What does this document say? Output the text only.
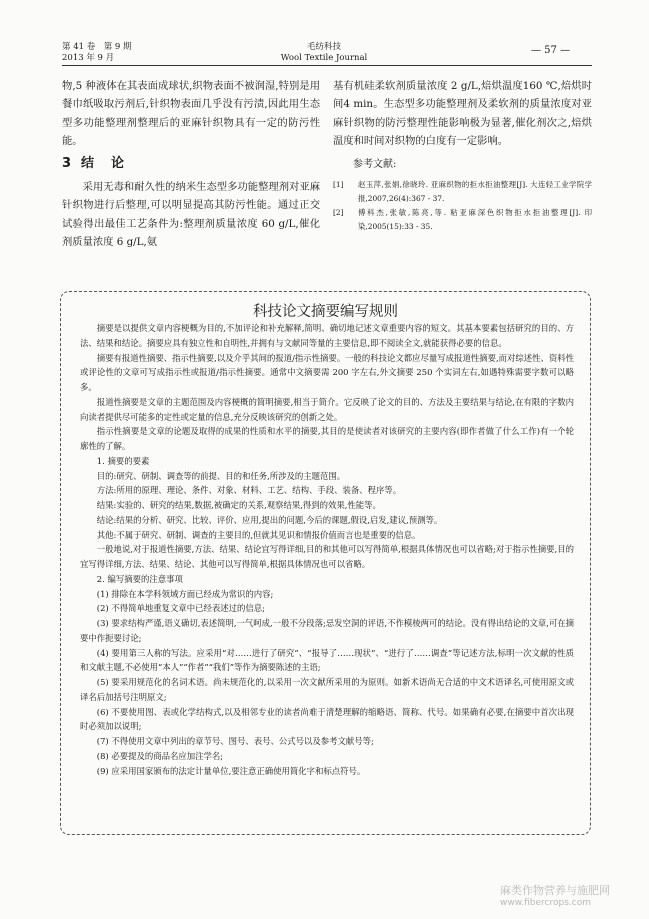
第 41 卷　第 9 期
2013 年 9 月
毛纺科技
Wool Textile Journal
— 57 —

物,5 种液体在其表面成球状,织物表面不被润湿,特别是用餐巾纸吸取污剂后,针织物表面几乎没有污渍,因此用生态型多功能整理剂整理后的亚麻针织物具有一定的防污性能。

3 结　论

采用无毒和耐久性的纳米生态型多功能整理剂对亚麻针织物进行后整理,可以明显提高其防污性能。通过正交试验得出最佳工艺条件为:整理剂质量浓度 60 g/L,催化剂质量浓度 6 g/L,氨

基有机硅柔软剂质量浓度 2 g/L,焙烘温度160 ℃,焙烘时间4 min。生态型多功能整理剂及柔软剂的质量浓度对亚麻针织物的防污整理性能影响极为显著,催化剂次之,焙烘温度和时间对织物的白度有一定影响。

参考文献:
[1]	赵玉萍,张娟,徐晓玲. 亚麻织物的拒水拒油整理[J]. 大连轻工业学院学报,2007,26(4):367 - 37.
[2]	傅科杰,张敏,陈亮,等. 粘亚麻深色织物拒水拒油整理[J]. 印染,2005(15):33 - 35.
科技论文摘要编写规则

摘要是以提供文章内容梗概为目的,不加评论和补充解释,简明、确切地记述文章重要内容的短文。其基本要素包括研究的目的、方法、结果和结论。摘要应具有独立性和自明性,并拥有与文献同等量的主要信息,即不阅读全文,就能获得必要的信息。

摘要有报道性摘要、指示性摘要,以及介乎其间的报道/指示性摘要。一般的科技论文都应尽量写成报道性摘要,而对综述性、资料性或评论性的文章可写成指示性或报道/指示性摘要。通常中文摘要需 200 字左右,外文摘要 250 个实词左右,如遇特殊需要字数可以略多。

报道性摘要是文章的主题范围及内容梗概的简明摘要,相当于简介。它反映了论文的目的、方法及主要结果与结论,在有限的字数内向读者提供尽可能多的定性或定量的信息,充分反映该研究的创新之处。

指示性摘要是文章的论题及取得的成果的性质和水平的摘要,其目的是使读者对该研究的主要内容(即作者做了什么工作)有一个轮廓性的了解。

1. 摘要的要素

目的:研究、研制、调查等的前提、目的和任务,所涉及的主题范围。

方法:所用的原理、理论、条件、对象、材料、工艺、结构、手段、装备、程序等。

结果:实验的、研究的结果,数据,被确定的关系,观察结果,得到的效果,性能等。

结论:结果的分析、研究、比较、评价、应用,提出的问题,今后的课题,假设,启发,建议,预测等。

其他:不属于研究、研制、调查的主要目的,但就其见识和情报价值而言也是重要的信息。

一般地说,对于报道性摘要,方法、结果、结论宜写得详细,目的和其他可以写得简单,根据具体情况也可以省略;对于指示性摘要,目的宜写得详细,方法、结果、结论、其他可以写得简单,根据具体情况也可以省略。

2. 编写摘要的注意事项

(1) 排除在本学科领域方面已经成为常识的内容;

(2) 不得简单地重复文章中已经表述过的信息;

(3) 要求结构严谨,语义确切,表述简明,一气呵成,一般不分段落;忌发空洞的评语,不作模棱两可的结论。没有得出结论的文章,可在摘要中作扼要讨论;

(4) 要用第三人称的写法。应采用“对……进行了研究”、“报导了……现状”、“进行了……调查”等记述方法,标明一次文献的性质和文献主题,不必使用“本人”“作者”“我们”等作为摘要陈述的主语;

(5) 要采用规范化的名词术语。尚未规范化的,以采用一次文献所采用的为原则。如新术语尚无合适的中文术语译名,可使用原文或译名后加括号注明原文;

(6) 不要使用图、表或化学结构式,以及相邻专业的读者尚难于清楚理解的缩略语、简称、代号。如果确有必要,在摘要中首次出现时必须加以说明;

(7) 不得使用文章中列出的章节号、图号、表号、公式号以及参考文献号等;

(8) 必要提及的商品名应加注学名;

(9) 应采用国家颁布的法定计量单位,要注意正确使用简化字和标点符号。

麻类作物营养与施肥网
www.fibercrops.com
